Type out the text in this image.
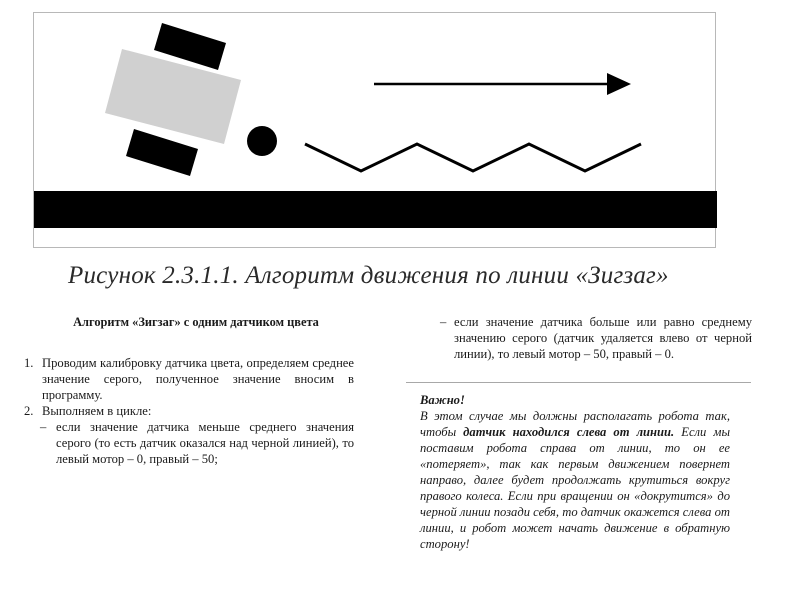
Рисунок 2.3.1.1. Алгоритм движения по линии «Зигзаг»
Алгоритм «Зигзаг» с одним датчиком цвета
1. Проводим калибровку датчика цвета, определяем среднее значение серого, полученное значение вносим в программу.
2. Выполняем в цикле:
– если значение датчика меньше среднего значения серого (то есть датчик оказался над черной линией), то левый мотор – 0, правый – 50;
– если значение датчика больше или равно среднему значению серого (датчик удаляется влево от черной линии), то левый мотор – 50, правый – 0.
Важно!
В этом случае мы должны располагать робота так, чтобы датчик находился слева от линии. Если мы поставим робота справа от линии, то он ее «потеряет», так как первым движением повернет направо, далее будет продолжать крутиться вокруг правого колеса. Если при вращении он «докрутится» до черной линии позади себя, то датчик окажется слева от линии, и робот может начать движение в обратную сторону!
